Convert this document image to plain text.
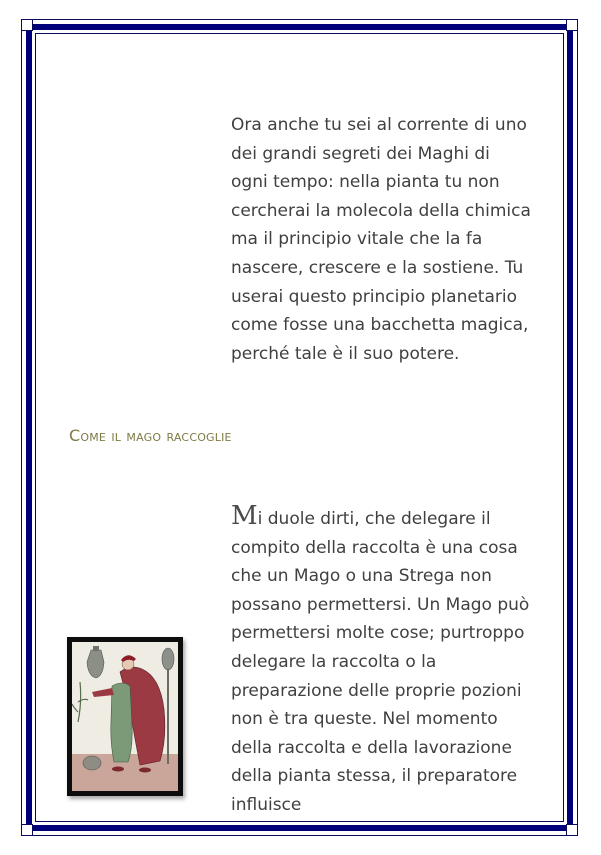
Ora anche tu sei al corrente di uno dei grandi segreti dei Maghi di ogni tempo: nella pianta tu non cercherai la molecola della chimica ma il principio vitale che la fa nascere, crescere e la sostiene. Tu userai questo principio planetario come fosse una bacchetta magica, perché tale è il suo potere.

Come il mago raccoglie

Mi duole dirti, che delegare il compito della raccolta è una cosa che un Mago o una Strega non possano permettersi. Un Mago può permettersi molte cose; purtroppo delegare la raccolta o la preparazione delle proprie pozioni non è tra queste. Nel momento della raccolta e della lavorazione della pianta stessa, il preparatore influisce
